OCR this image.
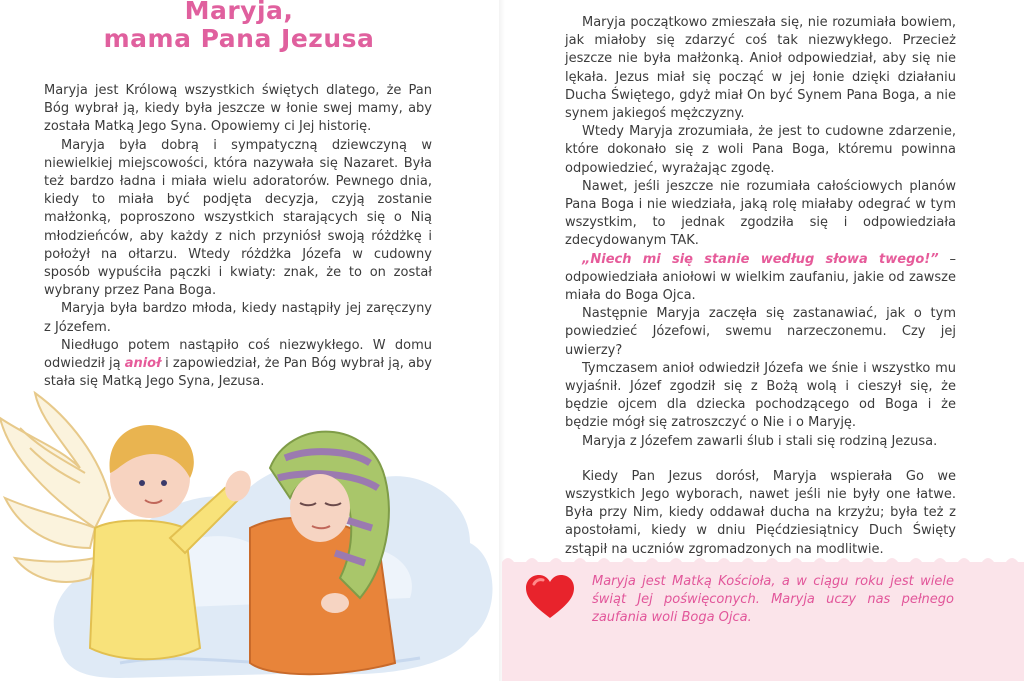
Maryja,
mama Pana Jezusa

Maryja jest Królową wszystkich świętych dlatego, że Pan Bóg wybrał ją, kiedy była jeszcze w łonie swej mamy, aby została Matką Jego Syna. Opowiemy ci Jej historię.

Maryja była dobrą i sympatyczną dziewczyną w niewielkiej miejscowości, która nazywała się Nazaret. Była też bardzo ładna i miała wielu adoratorów. Pewnego dnia, kiedy to miała być podjęta decyzja, czyją zostanie małżonką, poproszono wszystkich starających się o Nią młodzieńców, aby każdy z nich przyniósł swoją różdżkę i położył na ołtarzu. Wtedy różdżka Józefa w cudowny sposób wypuściła pączki i kwiaty: znak, że to on został wybrany przez Pana Boga.

Maryja była bardzo młoda, kiedy nastąpiły jej zaręczyny z Józefem.

Niedługo potem nastąpiło coś niezwykłego. W domu odwiedził ją anioł i zapowiedział, że Pan Bóg wybrał ją, aby stała się Matką Jego Syna, Jezusa.

Maryja początkowo zmieszała się, nie rozumiała bowiem, jak miałoby się zdarzyć coś tak niezwykłego. Przecież jeszcze nie była małżonką. Anioł odpowiedział, aby się nie lękała. Jezus miał się począć w jej łonie dzięki działaniu Ducha Świętego, gdyż miał On być Synem Pana Boga, a nie synem jakiegoś mężczyzny.

Wtedy Maryja zrozumiała, że jest to cudowne zdarzenie, które dokonało się z woli Pana Boga, któremu powinna odpowiedzieć, wyrażając zgodę.

Nawet, jeśli jeszcze nie rozumiała całościowych planów Pana Boga i nie wiedziała, jaką rolę miałaby odegrać w tym wszystkim, to jednak zgodziła się i odpowiedziała zdecydowanym TAK.

„Niech mi się stanie według słowa twego!” – odpowiedziała aniołowi w wielkim zaufaniu, jakie od zawsze miała do Boga Ojca.

Następnie Maryja zaczęła się zastanawiać, jak o tym powiedzieć Józefowi, swemu narzeczonemu. Czy jej uwierzy?

Tymczasem anioł odwiedził Józefa we śnie i wszystko mu wyjaśnił. Józef zgodził się z Bożą wolą i cieszył się, że będzie ojcem dla dziecka pochodzącego od Boga i że będzie mógł się zatroszczyć o Nie i o Maryję.

Maryja z Józefem zawarli ślub i stali się rodziną Jezusa.

Kiedy Pan Jezus dorósł, Maryja wspierała Go we wszystkich Jego wyborach, nawet jeśli nie były one łatwe. Była przy Nim, kiedy oddawał ducha na krzyżu; była też z apostołami, kiedy w dniu Pięćdziesiątnicy Duch Święty zstąpił na uczniów zgromadzonych na modlitwie.

Maryja jest Matką Kościoła, a w ciągu roku jest wiele świąt Jej poświęconych. Maryja uczy nas pełnego zaufania woli Boga Ojca.
